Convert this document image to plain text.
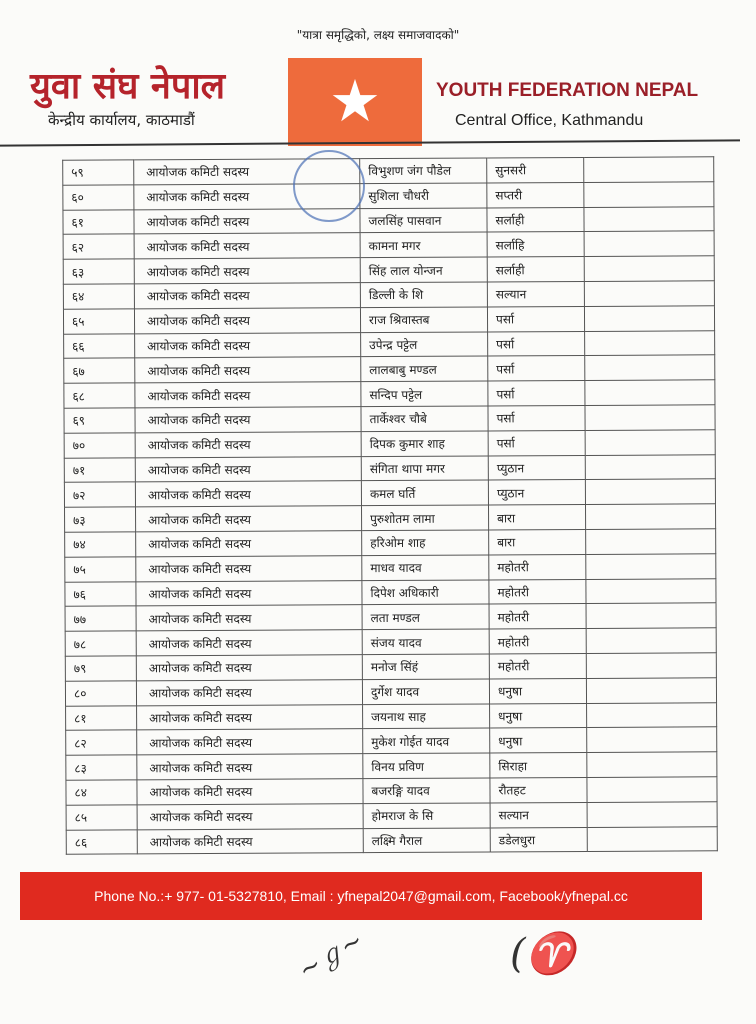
"यात्रा समृद्धिको, लक्ष्य समाजवादको"
युवा संघ नेपाल
केन्द्रीय कार्यालय, काठमाडौं	★	YOUTH FEDERATION NEPAL
Central Office, Kathmandu
५९	आयोजक कमिटी सदस्य	विभुशण जंग पौडेल	सुनसरी	
६०	आयोजक कमिटी सदस्य	सुशिला चौधरी	सप्तरी	
६१	आयोजक कमिटी सदस्य	जलसिंह पासवान	सर्लाही	
६२	आयोजक कमिटी सदस्य	कामना मगर	सर्लाहि	
६३	आयोजक कमिटी सदस्य	सिंह लाल योन्जन	सर्लाही	
६४	आयोजक कमिटी सदस्य	डिल्ली के शि	सल्यान	
६५	आयोजक कमिटी सदस्य	राज श्रिवास्तब	पर्सा	
६६	आयोजक कमिटी सदस्य	उपेन्द्र पट्टेल	पर्सा	
६७	आयोजक कमिटी सदस्य	लालबाबु मण्डल	पर्सा	
६८	आयोजक कमिटी सदस्य	सन्दिप पट्टेल	पर्सा	
६९	आयोजक कमिटी सदस्य	तार्केश्वर चौबे	पर्सा	
७०	आयोजक कमिटी सदस्य	दिपक कुमार शाह	पर्सा	
७१	आयोजक कमिटी सदस्य	संगिता थापा मगर	प्युठान	
७२	आयोजक कमिटी सदस्य	कमल घर्ति	प्युठान	
७३	आयोजक कमिटी सदस्य	पुरुशोतम लामा	बारा	
७४	आयोजक कमिटी सदस्य	हरिओम शाह	बारा	
७५	आयोजक कमिटी सदस्य	माधव यादव	महोतरी	
७६	आयोजक कमिटी सदस्य	दिपेश अधिकारी	महोतरी	
७७	आयोजक कमिटी सदस्य	लता मण्डल	महोतरी	
७८	आयोजक कमिटी सदस्य	संजय यादव	महोतरी	
७९	आयोजक कमिटी सदस्य	मनोज सिंहं	महोतरी	
८०	आयोजक कमिटी सदस्य	दुर्गेश यादव	धनुषा	
८१	आयोजक कमिटी सदस्य	जयनाथ साह	धनुषा	
८२	आयोजक कमिटी सदस्य	मुकेश गोईत यादव	धनुषा	
८३	आयोजक कमिटी सदस्य	विनय प्रविण	सिराहा	
८४	आयोजक कमिटी सदस्य	बजरङ्गि यादव	रौतहट	
८५	आयोजक कमिटी सदस्य	होमराज के सि	सल्यान	
८६	आयोजक कमिटी सदस्य	लक्ष्मि गैराल	डडेलधुरा	
Phone No.:+ 977- 01-5327810, Email : yfnepal2047@gmail.com, Facebook/yfnepal.cc
~ℊ~	(♈
